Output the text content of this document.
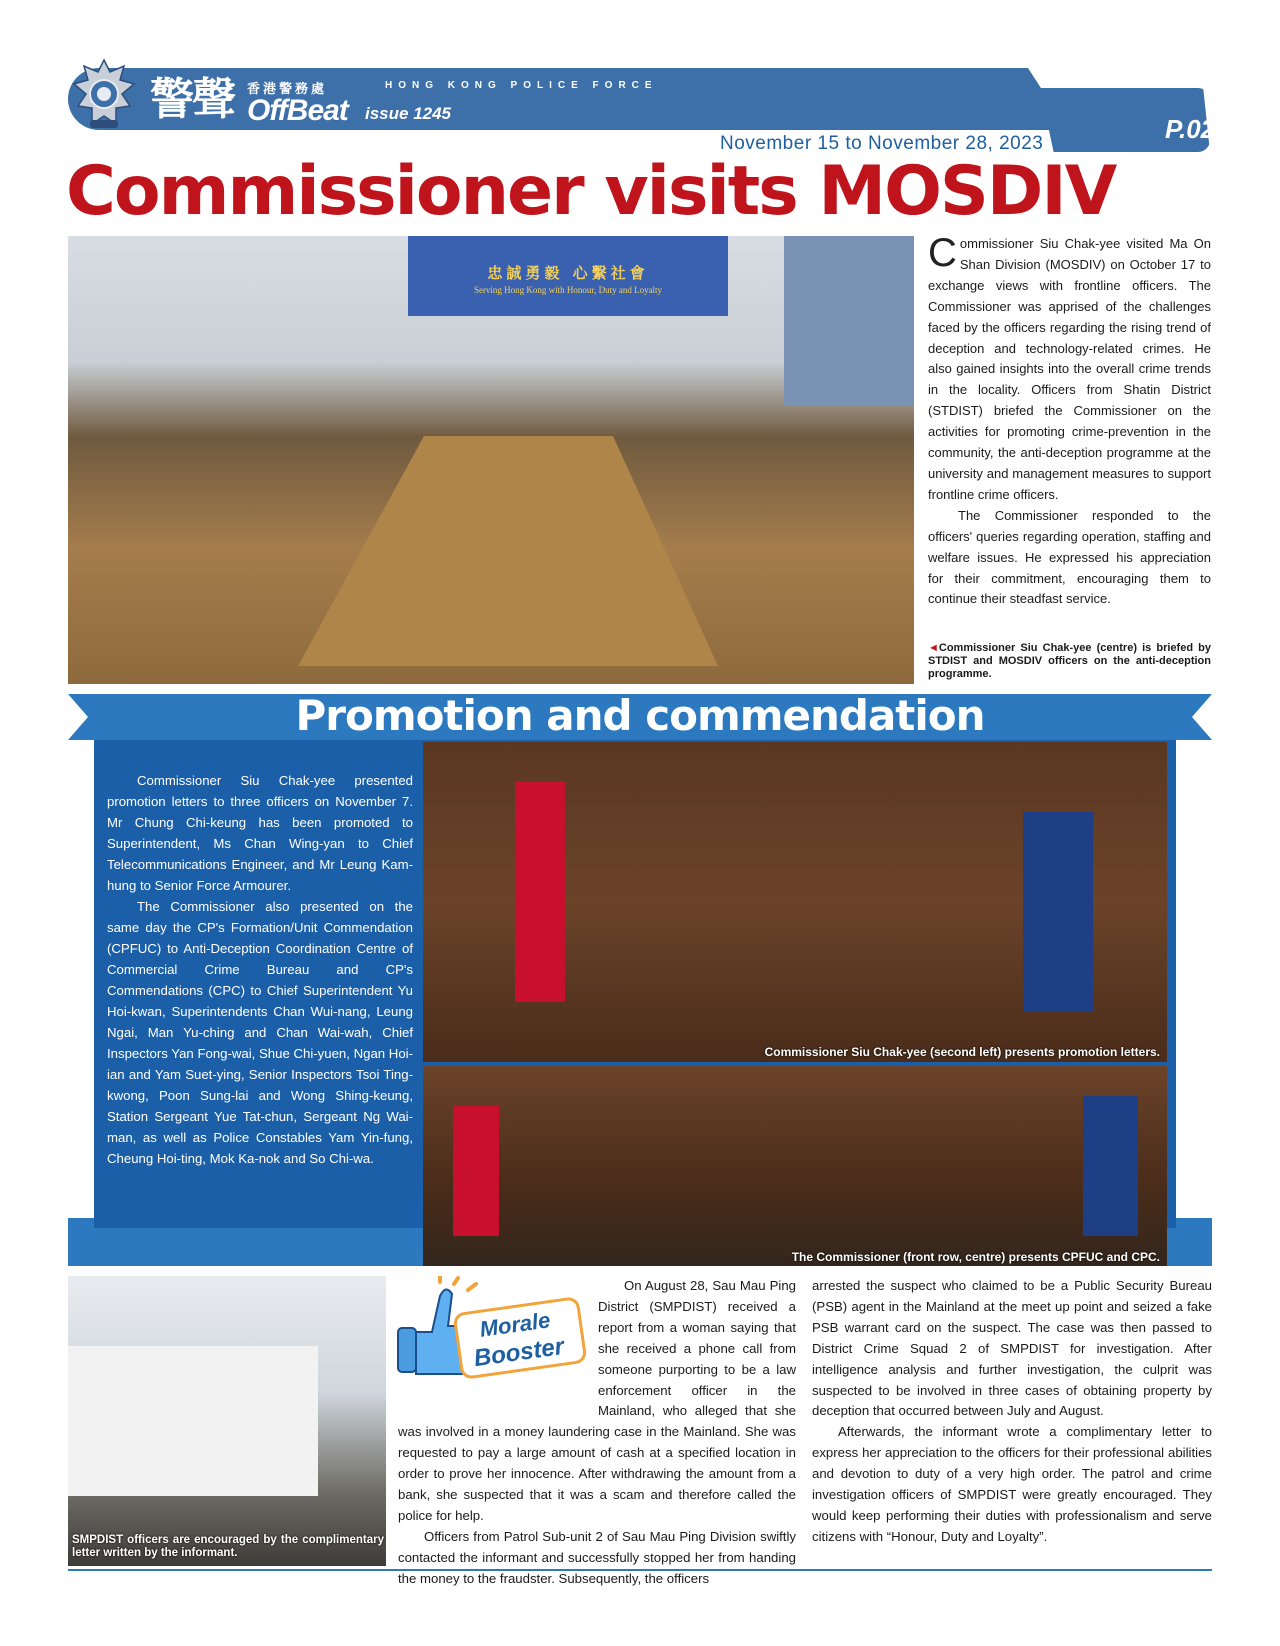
警聲 香港警務處	HONG KONG POLICE FORCE
OffBeat issue 1245
P.02
November 15 to November 28, 2023
Commissioner visits MOSDIV
忠誠勇毅 心繫社會
Serving Hong Kong with Honour, Duty and Loyalty

Commissioner Siu Chak-yee visited Ma On Shan Division (MOSDIV) on October 17 to exchange views with frontline officers. The Commissioner was apprised of the challenges faced by the officers regarding the rising trend of deception and technology-related crimes. He also gained insights into the overall crime trends in the locality. Officers from Shatin District (STDIST) briefed the Commissioner on the activities for promoting crime-prevention in the community, the anti-deception programme at the university and management measures to support frontline crime officers.

The Commissioner responded to the officers' queries regarding operation, staffing and welfare issues. He expressed his appreciation for their commitment, encouraging them to continue their steadfast service.

◄Commissioner Siu Chak-yee (centre) is briefed by STDIST and MOSDIV officers on the anti-deception programme.
Promotion and commendation

Commissioner Siu Chak-yee presented promotion letters to three officers on November 7. Mr Chung Chi-keung has been promoted to Superintendent, Ms Chan Wing-yan to Chief Telecommunications Engineer, and Mr Leung Kam-hung to Senior Force Armourer.

The Commissioner also presented on the same day the CP's Formation/Unit Commendation (CPFUC) to Anti-Deception Coordination Centre of Commercial Crime Bureau and CP's Commendations (CPC) to Chief Superintendent Yu Hoi-kwan, Superintendents Chan Wui-nang, Leung Ngai, Man Yu-ching and Chan Wai-wah, Chief Inspectors Yan Fong-wai, Shue Chi-yuen, Ngan Hoi-ian and Yam Suet-ying, Senior Inspectors Tsoi Ting-kwong, Poon Sung-lai and Wong Shing-keung, Station Sergeant Yue Tat-chun, Sergeant Ng Wai-man, as well as Police Constables Yam Yin-fung, Cheung Hoi-ting, Mok Ka-nok and So Chi-wa.

Commissioner Siu Chak-yee (second left) presents promotion letters.
The Commissioner (front row, centre) presents CPFUC and CPC.
SMPDIST officers are encouraged by the complimentary letter written by the informant.

On August 28, Sau Mau Ping District (SMPDIST) received a report from a woman saying that she received a phone call from someone purporting to be a law enforcement officer in the Mainland, who alleged that she was involved in a money laundering case in the Mainland. She was requested to pay a large amount of cash at a specified location in order to prove her innocence. After withdrawing the amount from a bank, she suspected that it was a scam and therefore called the police for help.

Officers from Patrol Sub-unit 2 of Sau Mau Ping Division swiftly contacted the informant and successfully stopped her from handing the money to the fraudster. Subsequently, the officers

Morale
Booster

arrested the suspect who claimed to be a Public Security Bureau (PSB) agent in the Mainland at the meet up point and seized a fake PSB warrant card on the suspect. The case was then passed to District Crime Squad 2 of SMPDIST for investigation. After intelligence analysis and further investigation, the culprit was suspected to be involved in three cases of obtaining property by deception that occurred between July and August.

Afterwards, the informant wrote a complimentary letter to express her appreciation to the officers for their professional abilities and devotion to duty of a very high order. The patrol and crime investigation officers of SMPDIST were greatly encouraged. They would keep performing their duties with professionalism and serve citizens with “Honour, Duty and Loyalty”.
